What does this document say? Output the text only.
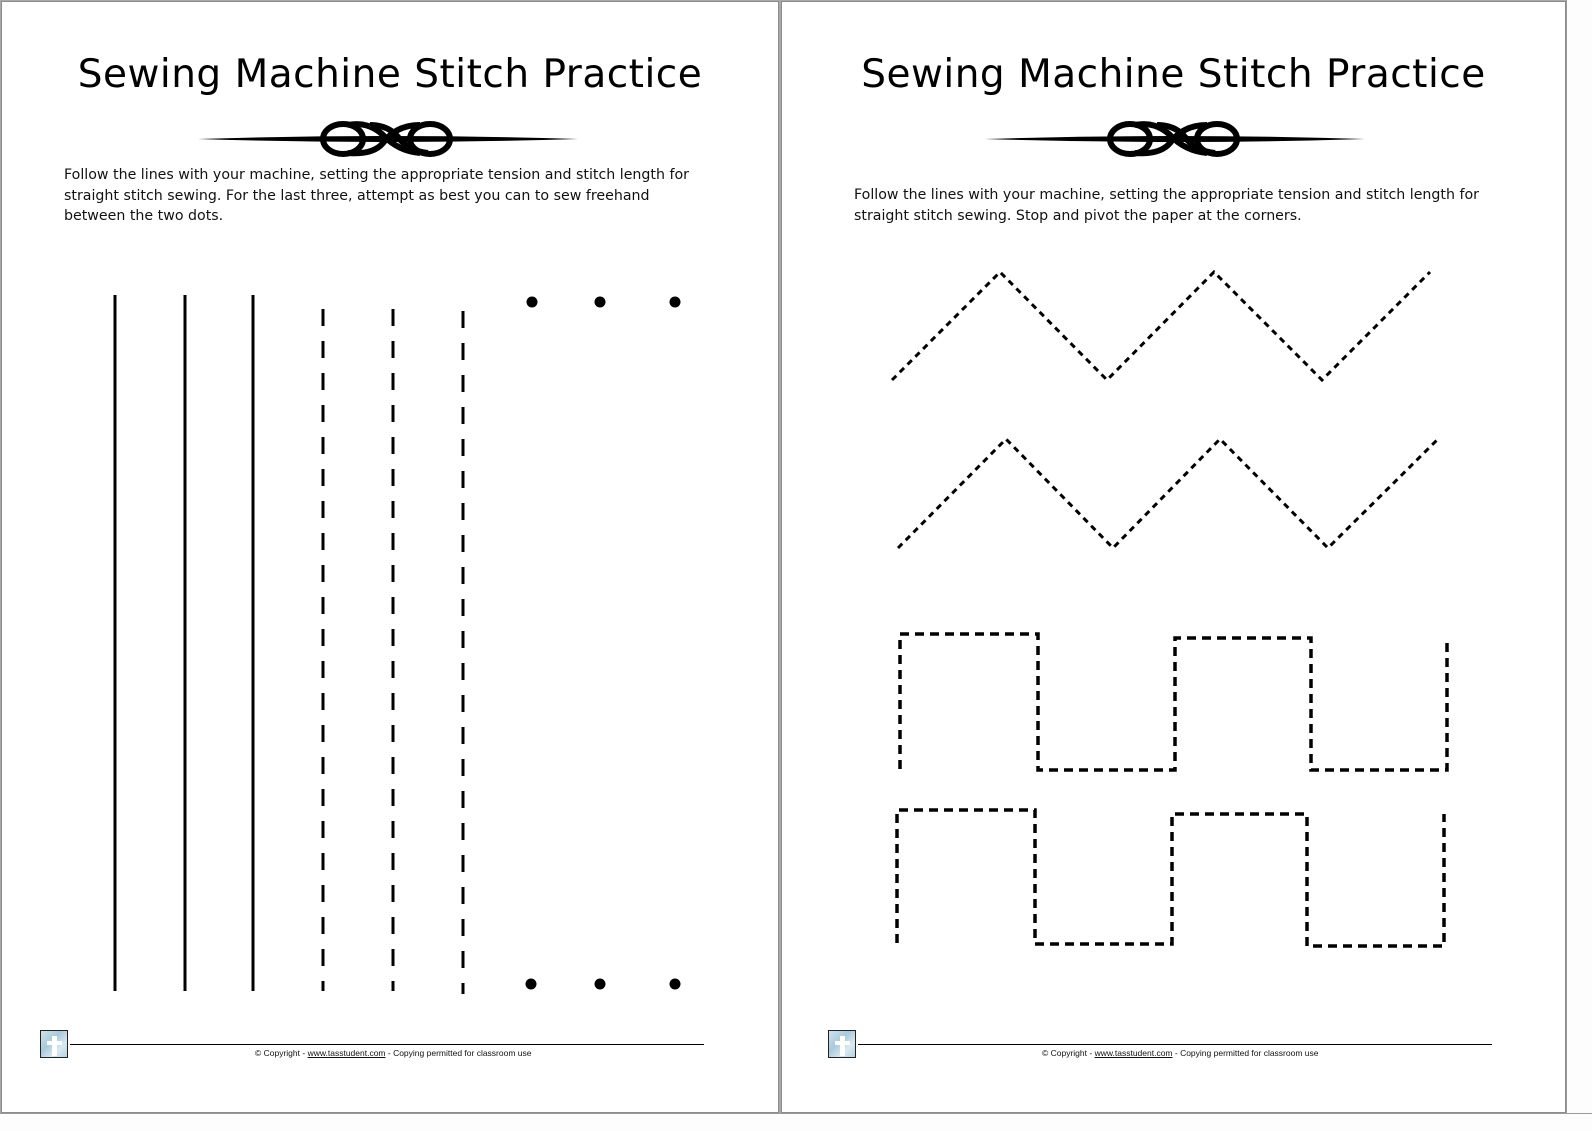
Sewing Machine Stitch Practice
Follow the lines with your machine, setting the appropriate tension and stitch length for
straight stitch sewing. For the last three, attempt as best you can to sew freehand
between the two dots.
© Copyright - www.tasstudent.com - Copying permitted for classroom use
Sewing Machine Stitch Practice
Follow the lines with your machine, setting the appropriate tension and stitch length for
straight stitch sewing. Stop and pivot the paper at the corners.
© Copyright - www.tasstudent.com - Copying permitted for classroom use
